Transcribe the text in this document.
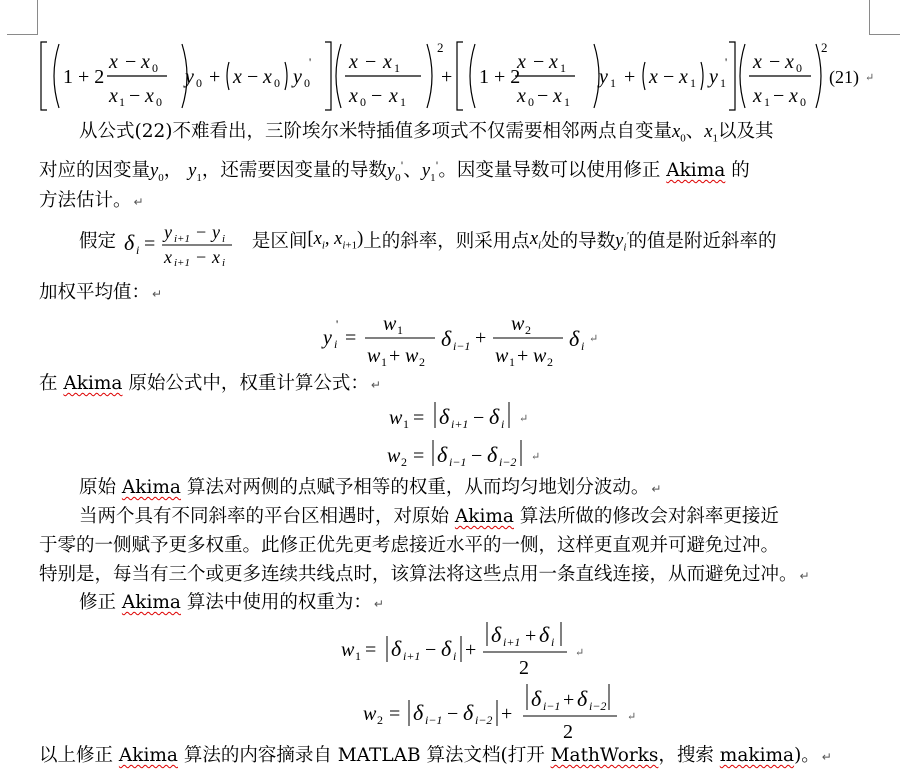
1 + 2
x − x 0
x 1 − x 0
y 0 + x − x 0 y 0
' x − x 1
x 0 − x 1
2
+ 1 + 2
x − x 1
x 0 − x 1
y 1 + x − x 1 y 1
' x − x 0
x 1 − x 0
2
(21) ↵
从公式(22)不难看出，三阶埃尔米特插值多项式不仅需要相邻两点自变量$x_0$、$x_1$以及其
对应的因变量$y_0$， $y_1$，还需要因变量的导数$y_0'$、$y_1'$。因变量导数可以使用修正 Akima 的
方法估计。 ↵
假定 δ i =
y i+1 − y i
x i+1 − x i
是区间[$x_i$, $x_{i+1}$)上的斜率，则采用点$x_i$处的导数$y_i'$的值是附近斜率的
加权平均值： ↵
y i
'
=
w 1
w 1 + w 2
δ i−1 +
w 2
w 1 + w 2
δ i ↵
在 Akima 原始公式中，权重计算公式： ↵
w 1 = δ i+1 − δ i ↵
w 2 = δ i−1 − δ i−2 ↵
原始 Akima 算法对两侧的点赋予相等的权重，从而均匀地划分波动。 ↵
当两个具有不同斜率的平台区相遇时，对原始 Akima 算法所做的修改会对斜率更接近
于零的一侧赋予更多权重。此修正优先更考虑接近水平的一侧，这样更直观并可避免过冲。
特别是，每当有三个或更多连续共线点时，该算法将这些点用一条直线连接，从而避免过冲。 ↵
修正 Akima 算法中使用的权重为： ↵
w 1 = δ i+1 − δ i +
δ i+1 + δ i
2
↵
w 2 = δ i−1 − δ i−2 +
δ i−1 + δ i−2
2
↵
以上修正 Akima 算法的内容摘录自 MATLAB 算法文档(打开 MathWorks，搜索 makima)。 ↵
